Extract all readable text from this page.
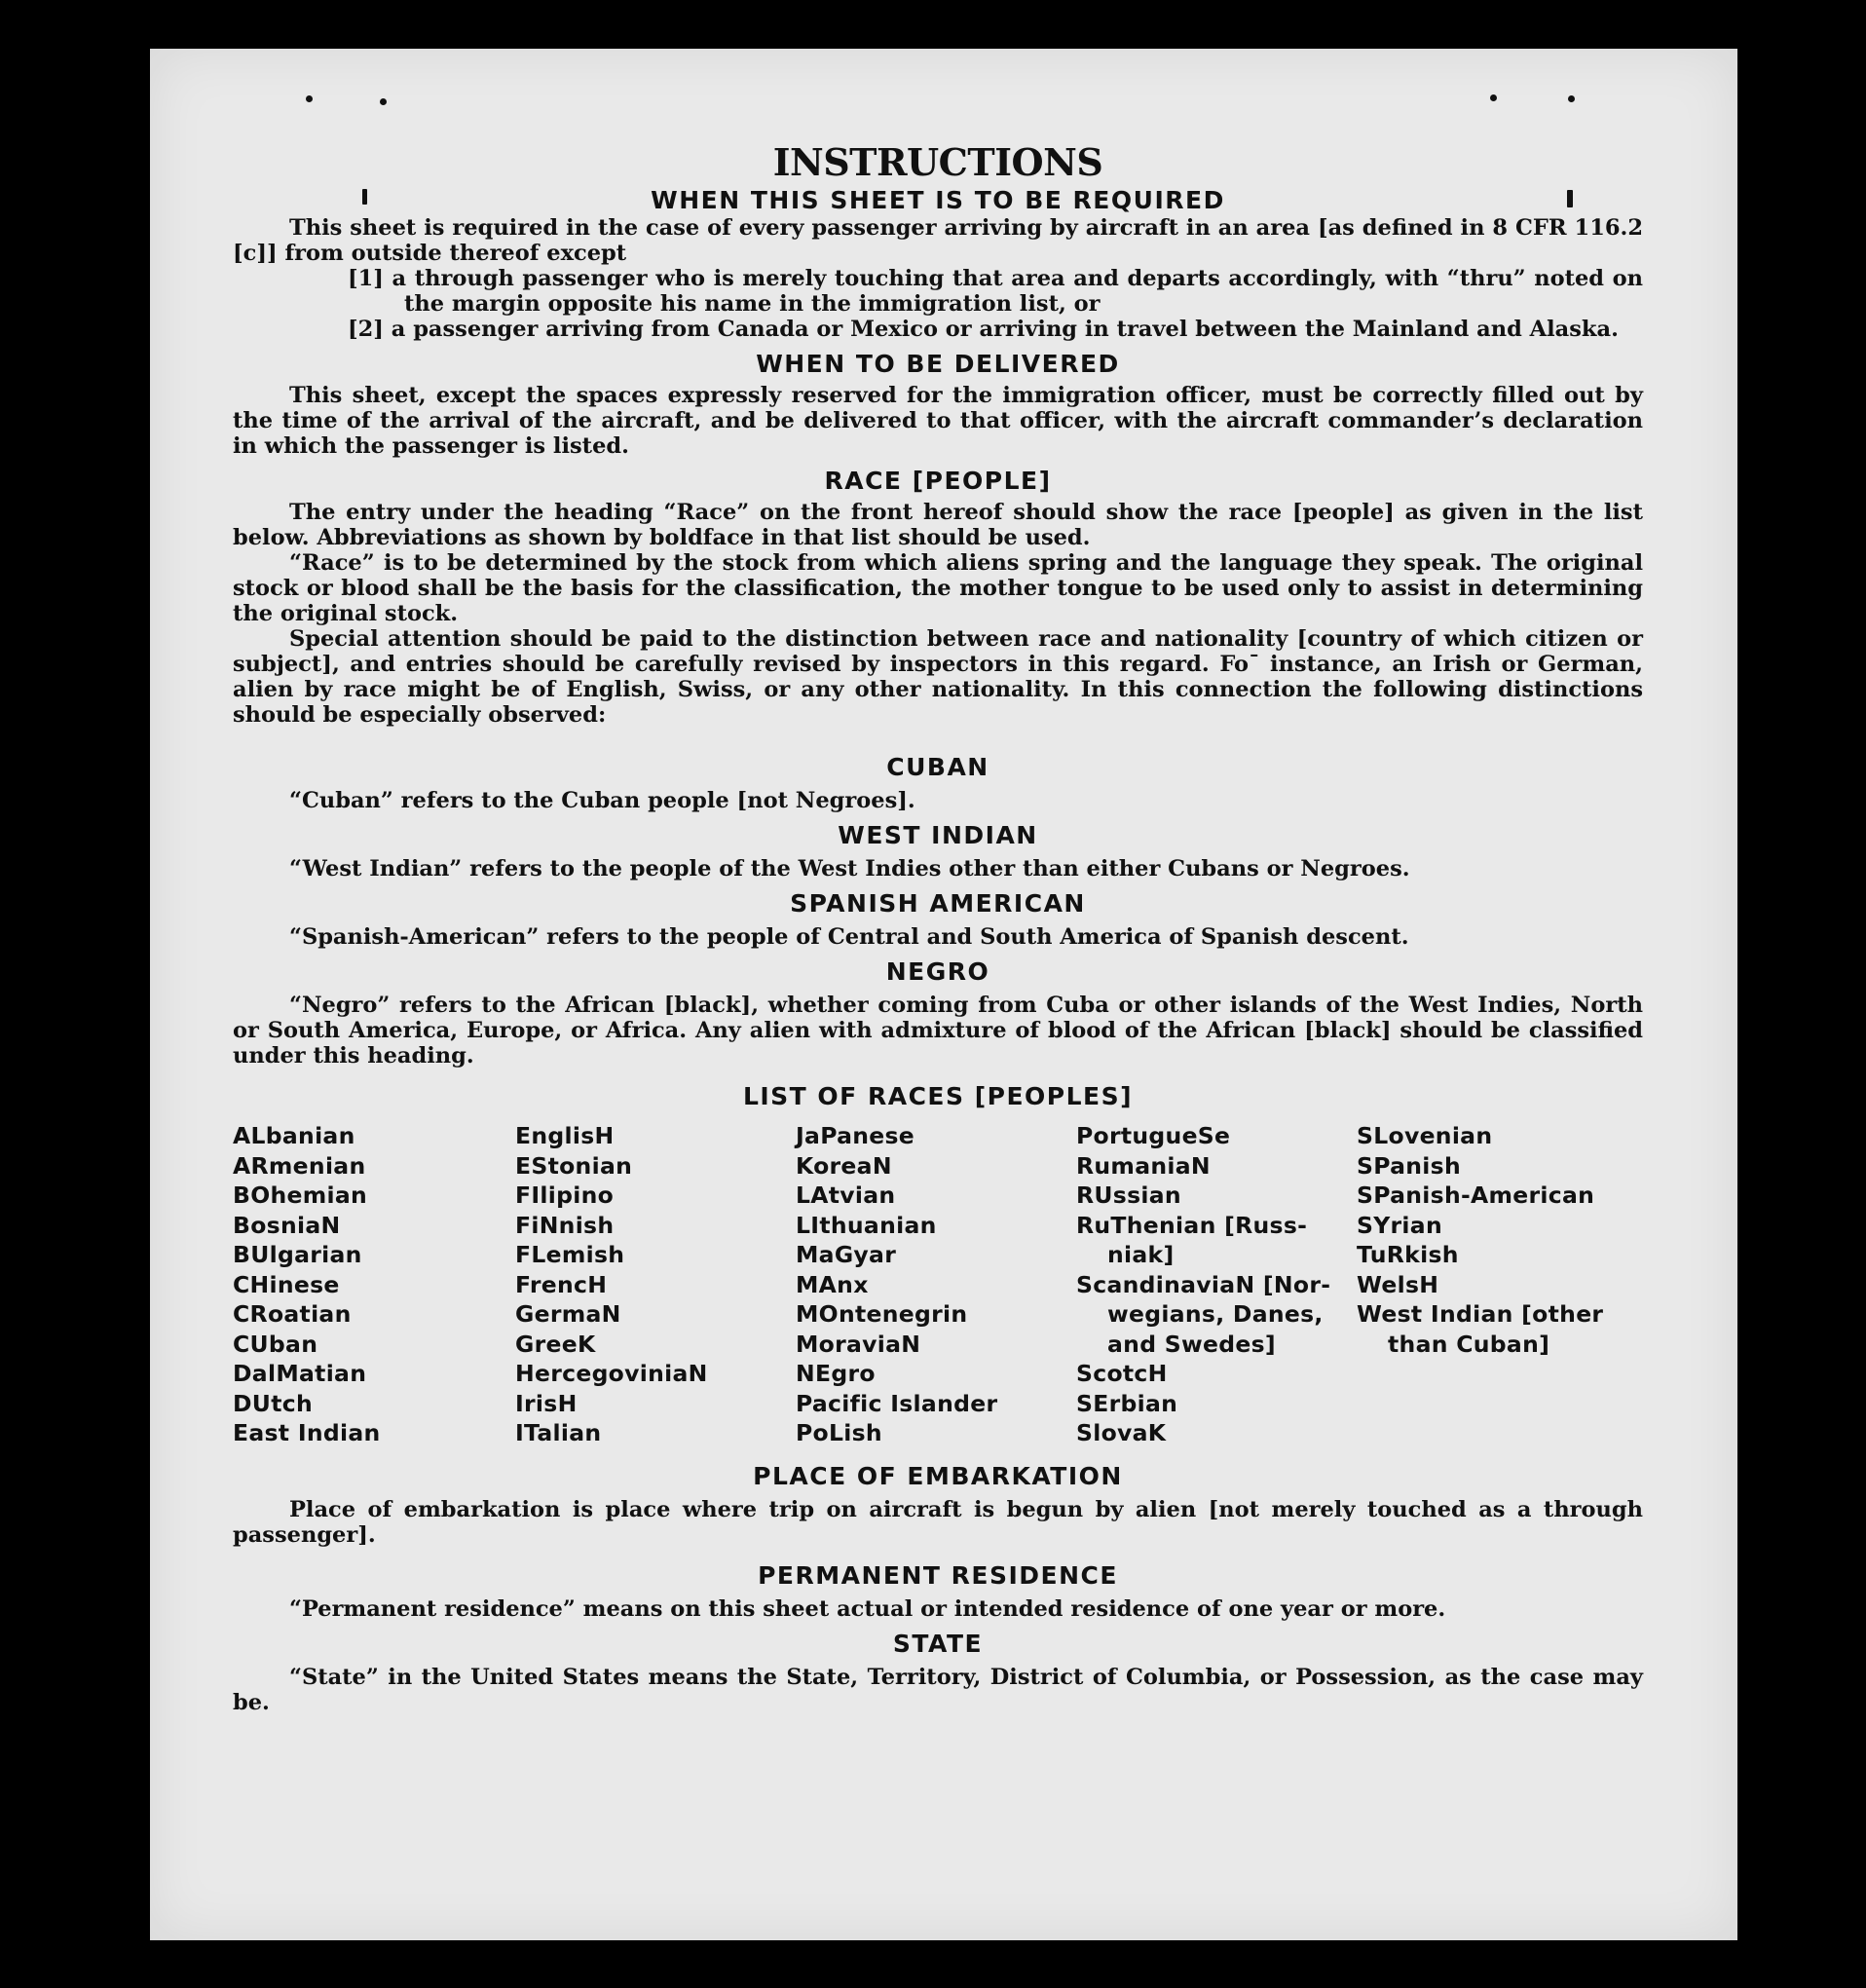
INSTRUCTIONS
WHEN THIS SHEET IS TO BE REQUIRED

This sheet is required in the case of every passenger arriving by aircraft in an area [as defined in 8 CFR 116.2 [c]] from outside thereof except

[1] a through passenger who is merely touching that area and departs accordingly, with “thru” noted on the margin opposite his name in the immigration list, or

[2] a passenger arriving from Canada or Mexico or arriving in travel between the Mainland and Alaska.

WHEN TO BE DELIVERED

This sheet, except the spaces expressly reserved for the immigration officer, must be correctly filled out by the time of the arrival of the aircraft, and be delivered to that officer, with the aircraft commander’s declaration in which the passenger is listed.

RACE [PEOPLE]

The entry under the heading “Race” on the front hereof should show the race [people] as given in the list below. Abbreviations as shown by boldface in that list should be used.

“Race” is to be determined by the stock from which aliens spring and the language they speak. The original stock or blood shall be the basis for the classification, the mother tongue to be used only to assist in determining the original stock.

Special attention should be paid to the distinction between race and nationality [country of which citizen or subject], and entries should be carefully revised by inspectors in this regard. Fo¯ instance, an Irish or German, alien by race might be of English, Swiss, or any other nationality. In this connection the following distinctions should be especially observed:

CUBAN

“Cuban” refers to the Cuban people [not Negroes].

WEST INDIAN

“West Indian” refers to the people of the West Indies other than either Cubans or Negroes.

SPANISH AMERICAN

“Spanish-American” refers to the people of Central and South America of Spanish descent.

NEGRO

“Negro” refers to the African [black], whether coming from Cuba or other islands of the West Indies, North or South America, Europe, or Africa. Any alien with admixture of blood of the African [black] should be classified under this heading.

LIST OF RACES [PEOPLES]
ALbanian
ARmenian
BOhemian
BosniaN
BUlgarian
CHinese
CRoatian
CUban
DalMatian
DUtch
East Indian
EnglisH
EStonian
FIlipino
FiNnish
FLemish
FrencH
GermaN
GreeK
HercegoviniaN
IrisH
ITalian
JaPanese
KoreaN
LAtvian
LIthuanian
MaGyar
MAnx
MOntenegrin
MoraviaN
NEgro
Pacific Islander
PoLish
PortugueSe
RumaniaN
RUssian
RuThenian [Russ-
niak]
ScandinaviaN [Nor-
wegians, Danes,
and Swedes]
ScotcH
SErbian
SlovaK
SLovenian
SPanish
SPanish-American
SYrian
TuRkish
WelsH
West Indian [other
than Cuban]
PLACE OF EMBARKATION

Place of embarkation is place where trip on aircraft is begun by alien [not merely touched as a through passenger].

PERMANENT RESIDENCE

“Permanent residence” means on this sheet actual or intended residence of one year or more.

STATE

“State” in the United States means the State, Territory, District of Columbia, or Possession, as the case may be.
